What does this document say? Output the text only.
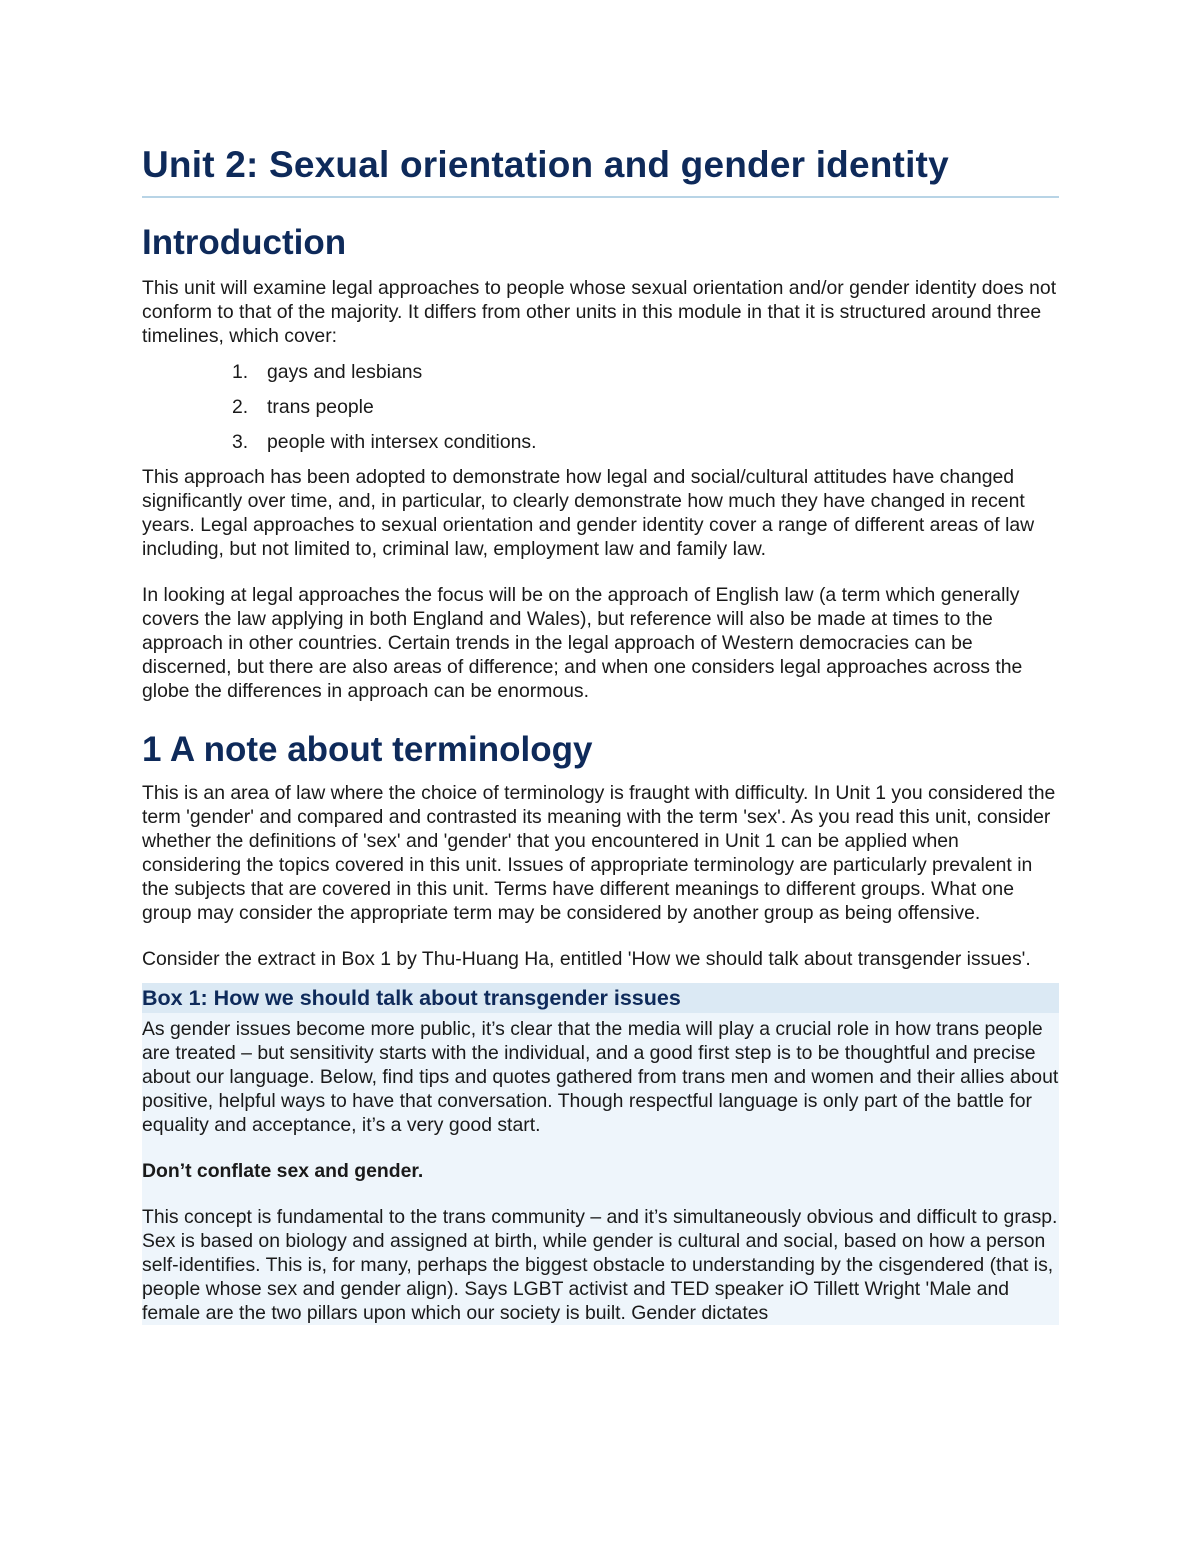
Unit 2: Sexual orientation and gender identity
Introduction

This unit will examine legal approaches to people whose sexual orientation and/or gender identity does not conform to that of the majority. It differs from other units in this module in that it is structured around three timelines, which cover:

1. gays and lesbians
2. trans people
3. people with intersex conditions.

This approach has been adopted to demonstrate how legal and social/cultural attitudes have changed significantly over time, and, in particular, to clearly demonstrate how much they have changed in recent years. Legal approaches to sexual orientation and gender identity cover a range of different areas of law including, but not limited to, criminal law, employment law and family law.

In looking at legal approaches the focus will be on the approach of English law (a term which generally covers the law applying in both England and Wales), but reference will also be made at times to the approach in other countries. Certain trends in the legal approach of Western democracies can be discerned, but there are also areas of difference; and when one considers legal approaches across the globe the differences in approach can be enormous.

1 A note about terminology

This is an area of law where the choice of terminology is fraught with difficulty. In Unit 1 you considered the term 'gender' and compared and contrasted its meaning with the term 'sex'. As you read this unit, consider whether the definitions of 'sex' and 'gender' that you encountered in Unit 1 can be applied when considering the topics covered in this unit. Issues of appropriate terminology are particularly prevalent in the subjects that are covered in this unit. Terms have different meanings to different groups. What one group may consider the appropriate term may be considered by another group as being offensive.

Consider the extract in Box 1 by Thu-Huang Ha, entitled 'How we should talk about transgender issues'.

Box 1: How we should talk about transgender issues

As gender issues become more public, it’s clear that the media will play a crucial role in how trans people are treated – but sensitivity starts with the individual, and a good first step is to be thoughtful and precise about our language. Below, find tips and quotes gathered from trans men and women and their allies about positive, helpful ways to have that conversation. Though respectful language is only part of the battle for equality and acceptance, it’s a very good start.

Don’t conflate sex and gender.

This concept is fundamental to the trans community – and it’s simultaneously obvious and difficult to grasp. Sex is based on biology and assigned at birth, while gender is cultural and social, based on how a person self-identifies. This is, for many, perhaps the biggest obstacle to understanding by the cisgendered (that is, people whose sex and gender align). Says LGBT activist and TED speaker iO Tillett Wright 'Male and female are the two pillars upon which our society is built. Gender dictates
